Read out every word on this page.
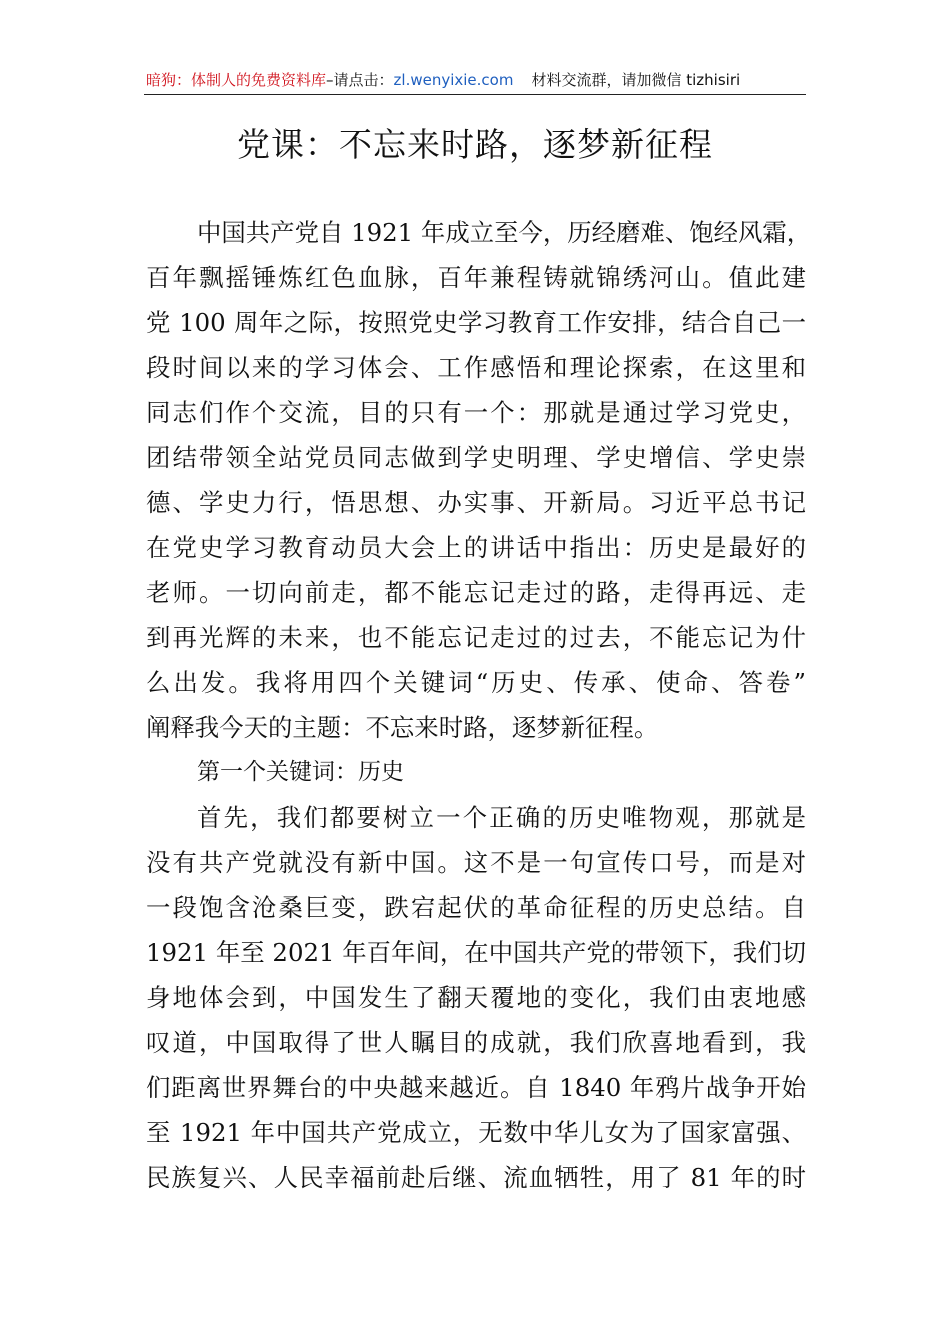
暗狗：体制人的免费资料库–请点击：zl.wenyixie.com 材料交流群，请加微信 tizhisiri
党课：不忘来时路，逐梦新征程
中国共产党自 1921 年成立至今，历经磨难、饱经风霜，
百年飘摇锤炼红色血脉，百年兼程铸就锦绣河山。值此建
党 100 周年之际，按照党史学习教育工作安排，结合自己一
段时间以来的学习体会、工作感悟和理论探索，在这里和
同志们作个交流，目的只有一个：那就是通过学习党史，
团结带领全站党员同志做到学史明理、学史增信、学史崇
德、学史力行，悟思想、办实事、开新局。习近平总书记
在党史学习教育动员大会上的讲话中指出：历史是最好的
老师。一切向前走，都不能忘记走过的路，走得再远、走
到再光辉的未来，也不能忘记走过的过去，不能忘记为什
么出发。我将用四个关键词“历史、传承、使命、答卷”
阐释我今天的主题：不忘来时路，逐梦新征程。
第一个关键词：历史
首先，我们都要树立一个正确的历史唯物观，那就是
没有共产党就没有新中国。这不是一句宣传口号，而是对
一段饱含沧桑巨变，跌宕起伏的革命征程的历史总结。自
1921 年至 2021 年百年间，在中国共产党的带领下，我们切
身地体会到，中国发生了翻天覆地的变化，我们由衷地感
叹道，中国取得了世人瞩目的成就，我们欣喜地看到，我
们距离世界舞台的中央越来越近。自 1840 年鸦片战争开始
至 1921 年中国共产党成立，无数中华儿女为了国家富强、
民族复兴、人民幸福前赴后继、流血牺牲，用了 81 年的时
